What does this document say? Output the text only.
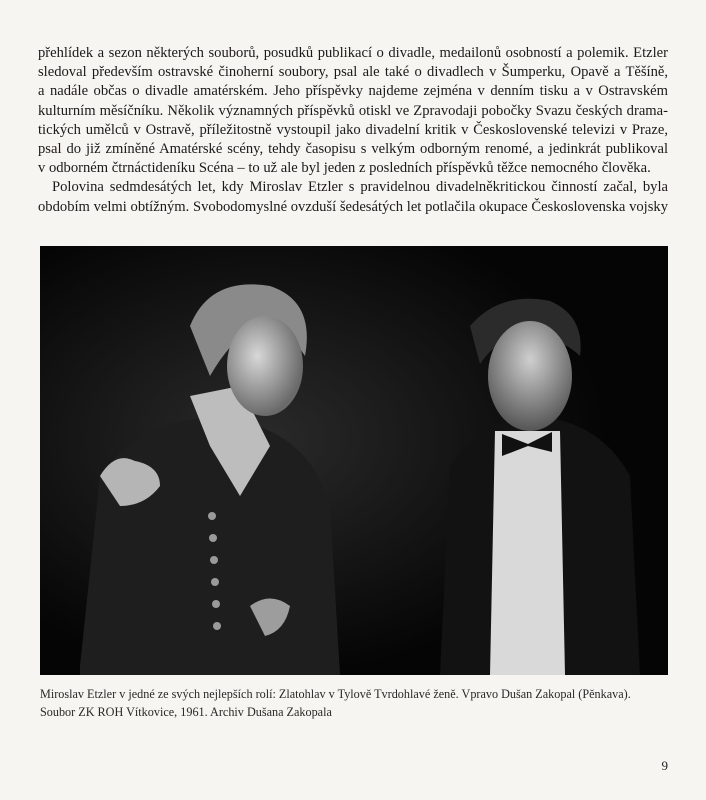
přehlídek a sezon některých souborů, posudků publikací o divadle, medailonů osobností a polemik. Etzler

sledoval především ostravské činoherní soubory, psal ale také o divadlech v Šumperku, Opavě a Těšíně,

a nadále občas o divadle amatérském. Jeho příspěvky najdeme zejména v denním tisku a v Ostravském

kulturním měsíčníku. Několik významných příspěvků otiskl ve Zpravodaji pobočky Svazu českých drama-

tických umělců v Ostravě, příležitostně vystoupil jako divadelní kritik v Československé televizi v Praze,

psal do již zmíněné Amatérské scény, tehdy časopisu s velkým odborným renomé, a jedinkrát publikoval

v odborném čtrnáctideníku Scéna – to už ale byl jeden z posledních příspěvků těžce nemocného člověka.

Polovina sedmdesátých let, kdy Miroslav Etzler s pravidelnou divadelněkritickou činností začal, byla

obdobím velmi obtížným. Svobodomyslné ovzduší šedesátých let potlačila okupace Československa vojsky

Miroslav Etzler v jedné ze svých nejlepších rolí: Zlatohlav v Tylově Tvrdohlavé ženě. Vpravo Dušan Zakopal (Pěnkava).

Soubor ZK ROH Vítkovice, 1961. Archiv Dušana Zakopala

9
